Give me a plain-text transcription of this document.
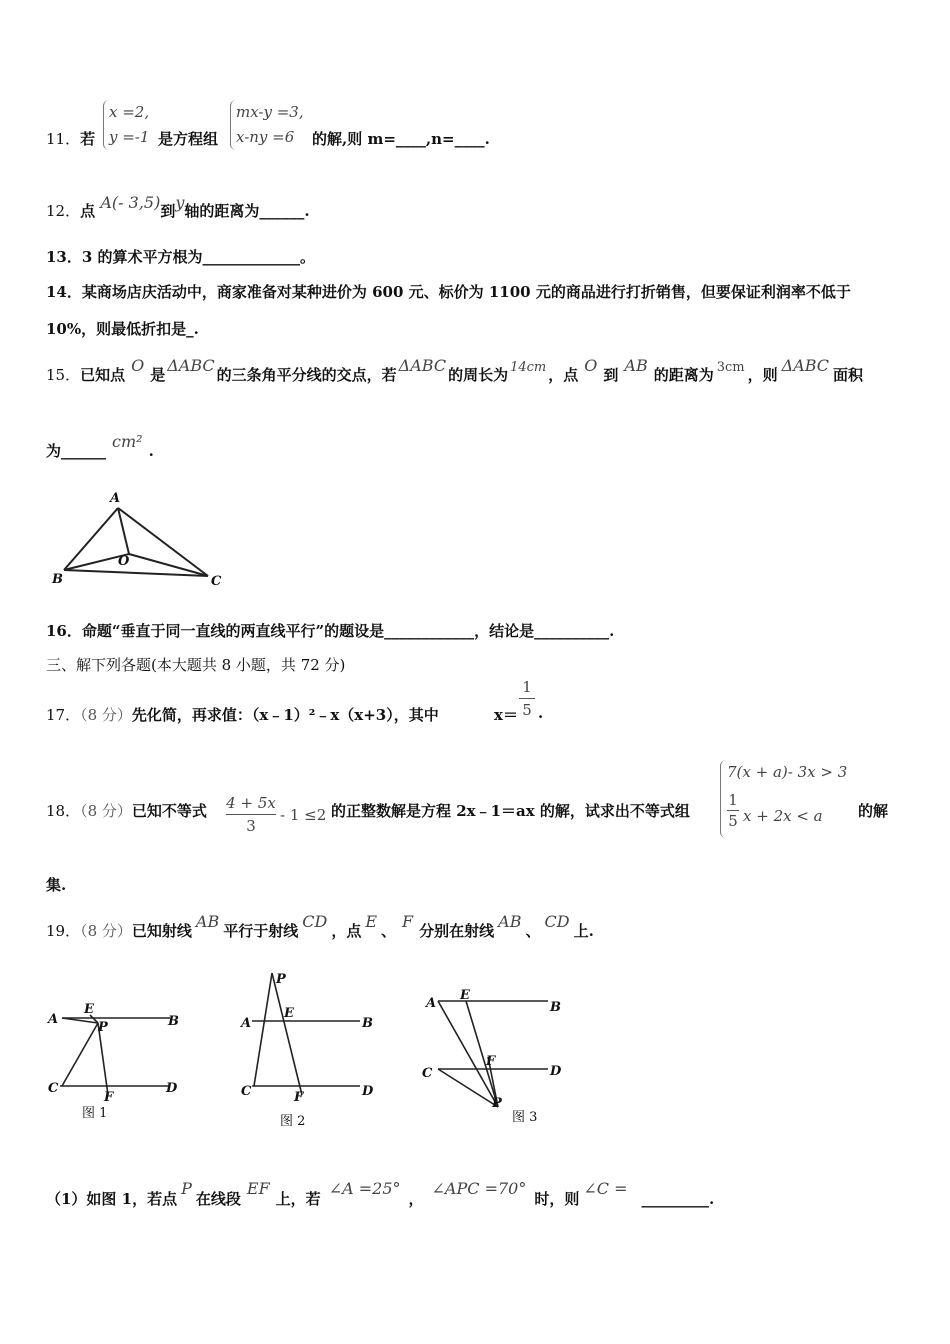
11．若
x =2,
y =-1 是方程组
mx-y =3,
x-ny =6	的解,则 m=____,n=____.
12．点 A(- 3,5)到y轴的距离为______.
13．3 的算术平方根为_____________。
14．某商场店庆活动中，商家准备对某种进价为 600 元、标价为 1100 元的商品进行打折销售，但要保证利润率不低于
10%，则最低折扣是_.
15．已知点 O 是 ΔABC 的三条角平分线的交点，若 ΔABC 的周长为 14cm ，点 O 到 AB 的距离为 3cm ，则 ΔABC 面积
为______ cm² .
A
B	C
O
16．命题“垂直于同一直线的两直线平行”的题设是____________，结论是__________.
三、解下列各题(本大题共 8 小题，共 72 分)
17．（8 分）先化简，再求值：（x﹣1）²﹣x（x+3），其中	x＝
1
5 .
18．（8 分）已知不等式 4 + 5x
3
- 1 ≤2 的正整数解是方程 2x﹣1＝ax 的解，试求出不等式组
7(x + a)- 3x > 3
1
5 x + 2x < a 的解
集.
19．（8 分）已知射线 AB 平行于射线 CD ，点 E 、 F 分别在射线 AB 、 CD 上.
A
E
P	B
C
F
D
图 1
P
A
E
B
C	F	D
图 2
A
E
B
C
F
D
P
图 3
（1）如图 1，若点P在线段EF上，若∠A =25°，∠APC =70°时，则∠C =_________.
